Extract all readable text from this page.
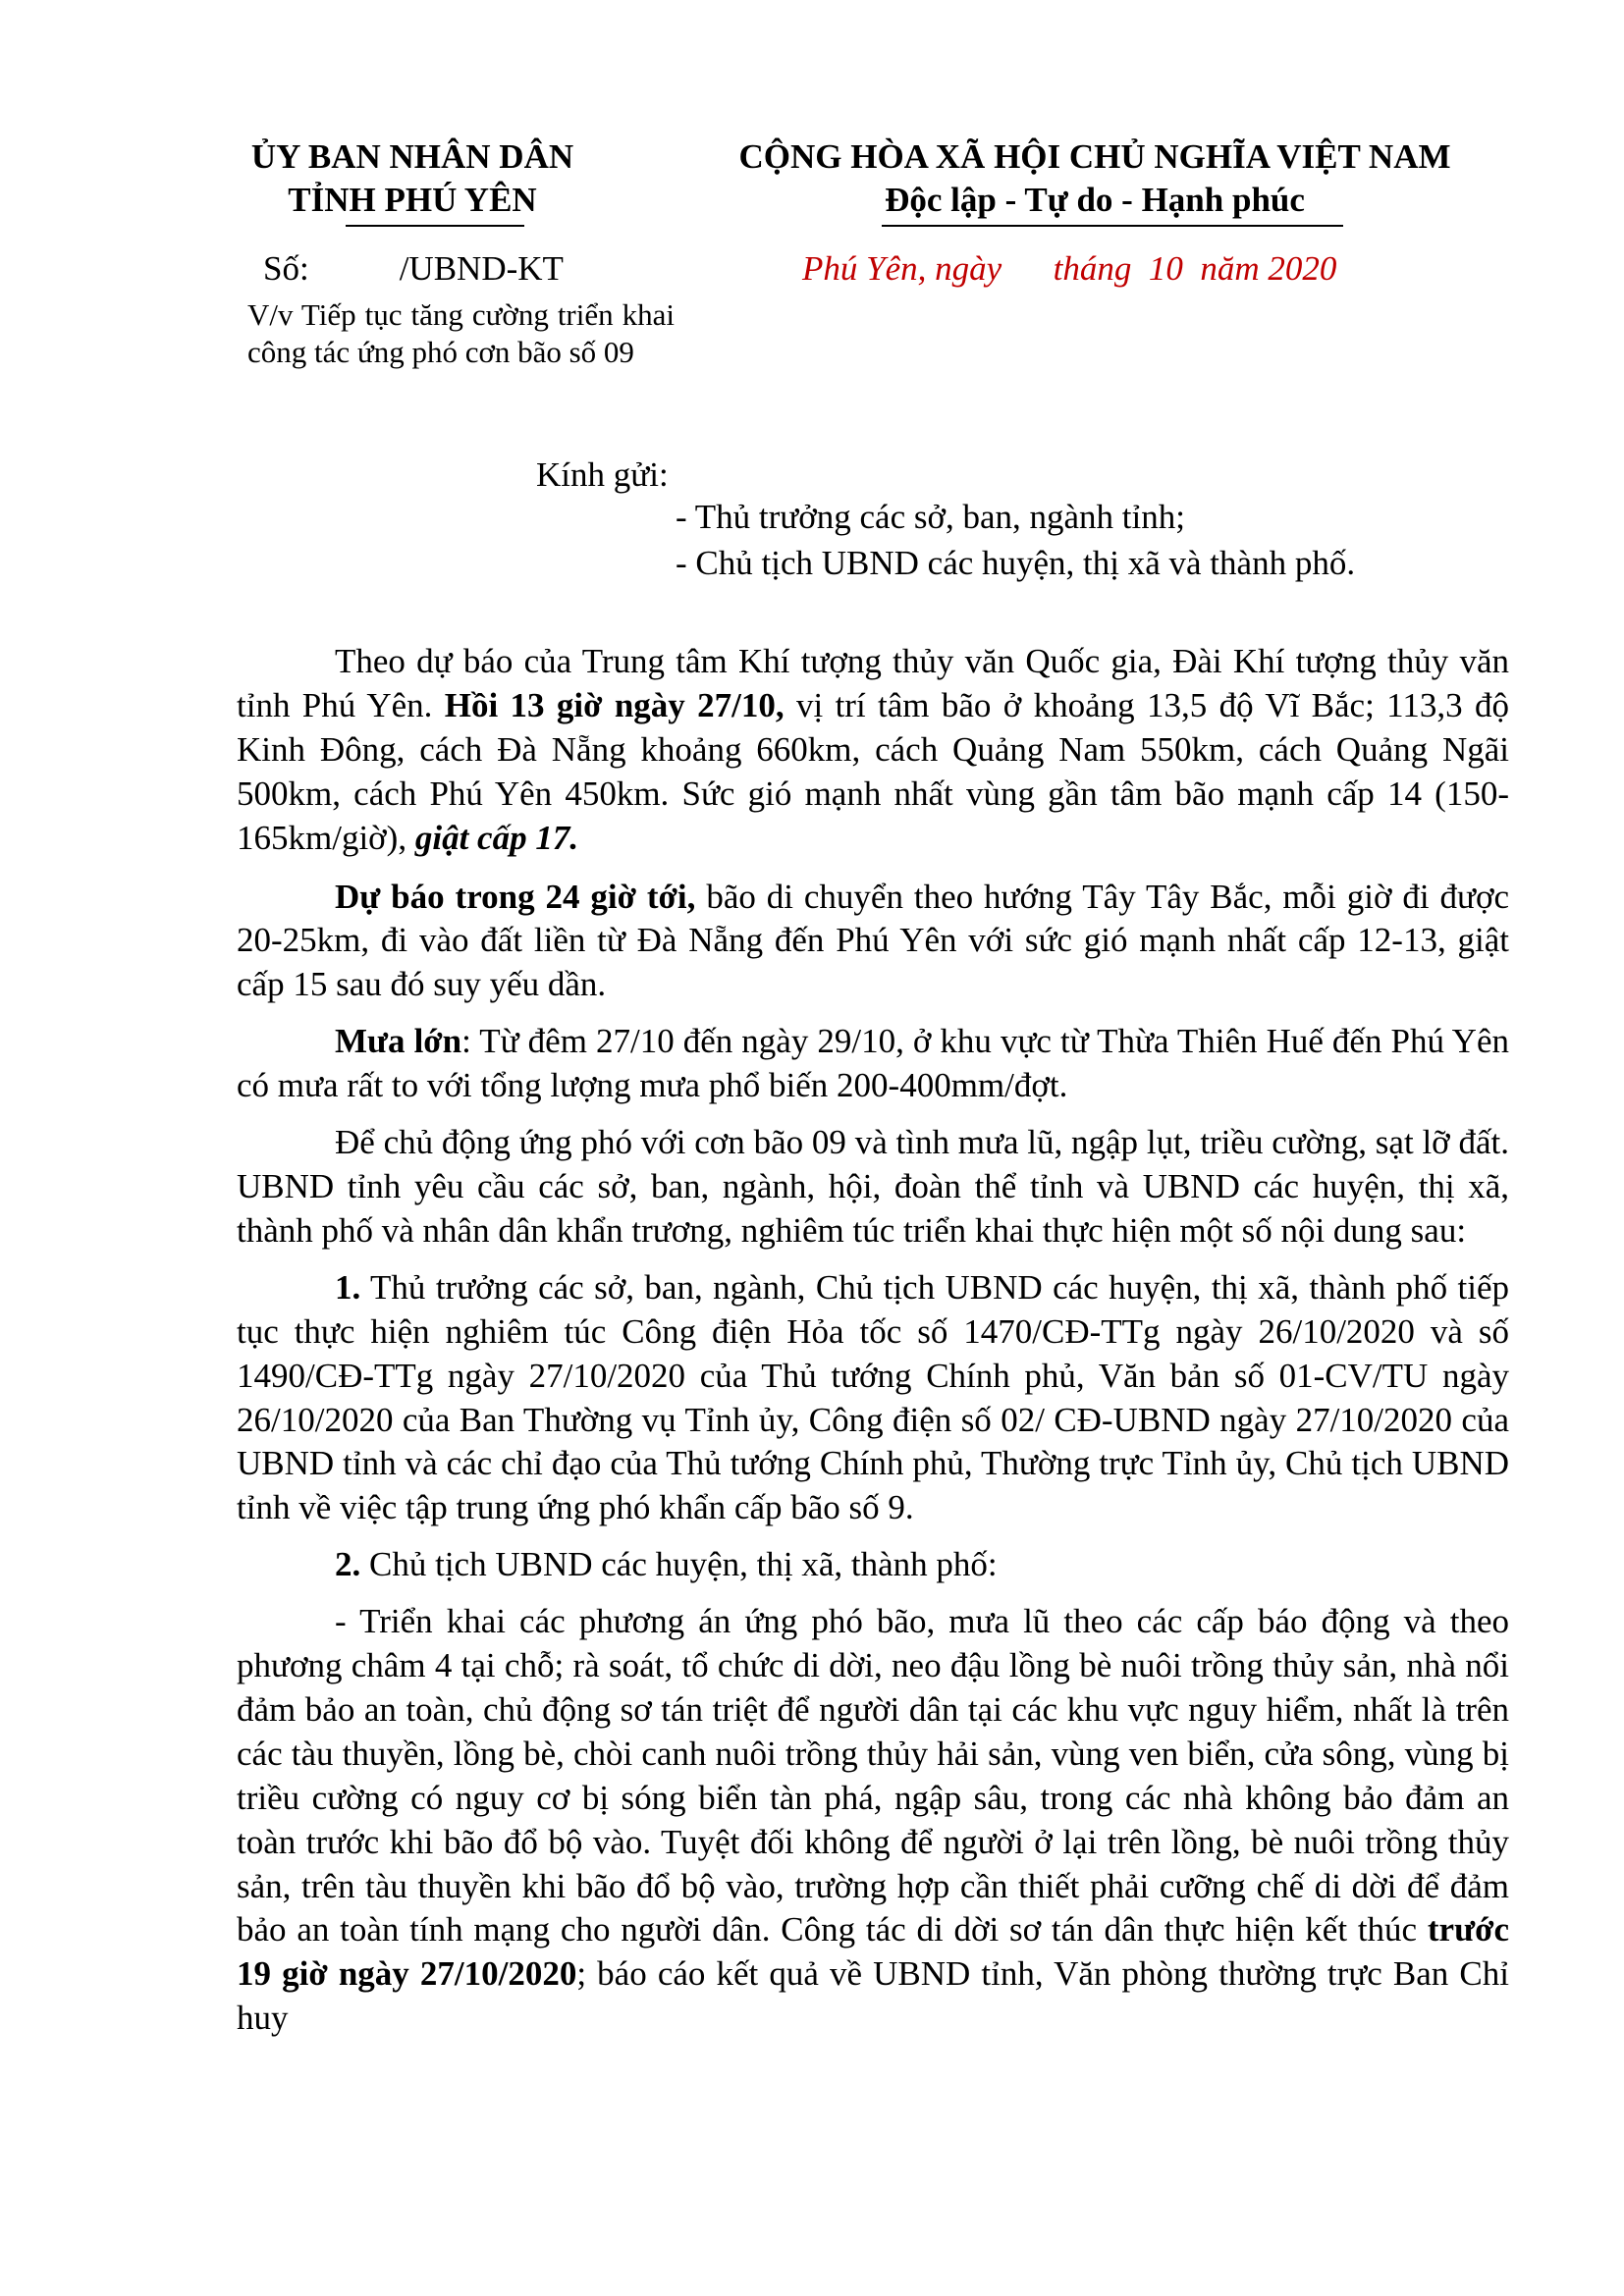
ỦY BAN NHÂN DÂN
TỈNH PHÚ YÊN
CỘNG HÒA XÃ HỘI CHỦ NGHĨA VIỆT NAM
Độc lập - Tự do - Hạnh phúc
Số:	/UBND-KT	Phú Yên, ngày      tháng  10  năm 2020
V/v Tiếp tục tăng cường triển khai công tác ứng phó cơn bão số 09
Kính gửi:
- Thủ trưởng các sở, ban, ngành tỉnh;
- Chủ tịch UBND các huyện, thị xã và thành phố.

Theo dự báo của Trung tâm Khí tượng thủy văn Quốc gia, Đài Khí tượng thủy văn tỉnh Phú Yên. Hồi 13 giờ ngày 27/10, vị trí tâm bão ở khoảng 13,5 độ Vĩ Bắc; 113,3 độ Kinh Đông, cách Đà Nẵng khoảng 660km, cách Quảng Nam 550km, cách Quảng Ngãi 500km, cách Phú Yên 450km. Sức gió mạnh nhất vùng gần tâm bão mạnh cấp 14 (150-165km/giờ), giật cấp 17.

Dự báo trong 24 giờ tới, bão di chuyển theo hướng Tây Tây Bắc, mỗi giờ đi được 20-25km, đi vào đất liền từ Đà Nẵng đến Phú Yên với sức gió mạnh nhất cấp 12-13, giật cấp 15 sau đó suy yếu dần.

Mưa lớn: Từ đêm 27/10 đến ngày 29/10, ở khu vực từ Thừa Thiên Huế đến Phú Yên có mưa rất to với tổng lượng mưa phổ biến 200-400mm/đợt.

Để chủ động ứng phó với cơn bão 09 và tình mưa lũ, ngập lụt, triều cường, sạt lỡ đất. UBND tỉnh yêu cầu các sở, ban, ngành, hội, đoàn thể tỉnh và UBND các huyện, thị xã, thành phố và nhân dân khẩn trương, nghiêm túc triển khai thực hiện một số nội dung sau:

1. Thủ trưởng các sở, ban, ngành, Chủ tịch UBND các huyện, thị xã, thành phố tiếp tục thực hiện nghiêm túc Công điện Hỏa tốc số 1470/CĐ-TTg ngày 26/10/2020 và số 1490/CĐ-TTg ngày 27/10/2020 của Thủ tướng Chính phủ, Văn bản số 01-CV/TU ngày 26/10/2020 của Ban Thường vụ Tỉnh ủy, Công điện số 02/ CĐ-UBND ngày 27/10/2020 của UBND tỉnh và các chỉ đạo của Thủ tướng Chính phủ, Thường trực Tỉnh ủy, Chủ tịch UBND tỉnh về việc tập trung ứng phó khẩn cấp bão số 9.

2. Chủ tịch UBND các huyện, thị xã, thành phố:

- Triển khai các phương án ứng phó bão, mưa lũ theo các cấp báo động và theo phương châm 4 tại chỗ; rà soát, tổ chức di dời, neo đậu lồng bè nuôi trồng thủy sản, nhà nổi đảm bảo an toàn, chủ động sơ tán triệt để người dân tại các khu vực nguy hiểm, nhất là trên các tàu thuyền, lồng bè, chòi canh nuôi trồng thủy hải sản, vùng ven biển, cửa sông, vùng bị triều cường có nguy cơ bị sóng biển tàn phá, ngập sâu, trong các nhà không bảo đảm an toàn trước khi bão đổ bộ vào. Tuyệt đối không để người ở lại trên lồng, bè nuôi trồng thủy sản, trên tàu thuyền khi bão đổ bộ vào, trường hợp cần thiết phải cưỡng chế di dời để đảm bảo an toàn tính mạng cho người dân. Công tác di dời sơ tán dân thực hiện kết thúc trước 19 giờ ngày 27/10/2020; báo cáo kết quả về UBND tỉnh, Văn phòng thường trực Ban Chỉ huy
